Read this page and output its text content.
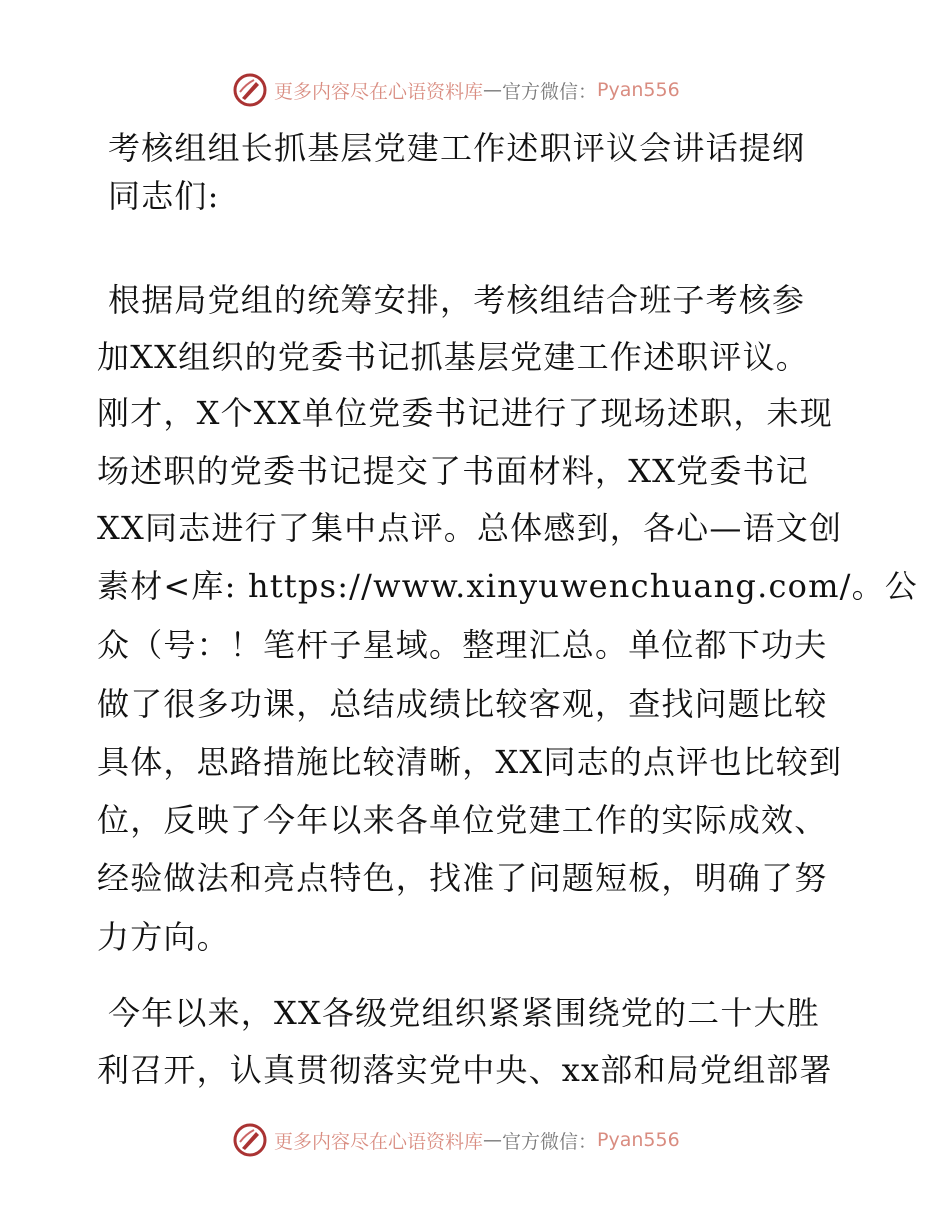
更多内容尽在心语资料库 — 官方微信： Pyan556
考核组组长抓基层党建工作述职评议会讲话提纲
同志们:
根据局党组的统筹安排，考核组结合班子考核参
加XX组织的党委书记抓基层党建工作述职评议。
刚才，X个XX单位党委书记进行了现场述职，未现
场述职的党委书记提交了书面材料，XX党委书记
XX同志进行了集中点评。总体感到，各心—语文创
素材<库: https://www.xinyuwenchuang.com/。公
众（号：！笔杆子星域。整理汇总。单位都下功夫
做了很多功课，总结成绩比较客观，查找问题比较
具体，思路措施比较清晰，XX同志的点评也比较到
位，反映了今年以来各单位党建工作的实际成效、
经验做法和亮点特色，找准了问题短板，明确了努
力方向。
今年以来，XX各级党组织紧紧围绕党的二十大胜
利召开，认真贯彻落实党中央、xx部和局党组部署
更多内容尽在心语资料库 — 官方微信： Pyan556
